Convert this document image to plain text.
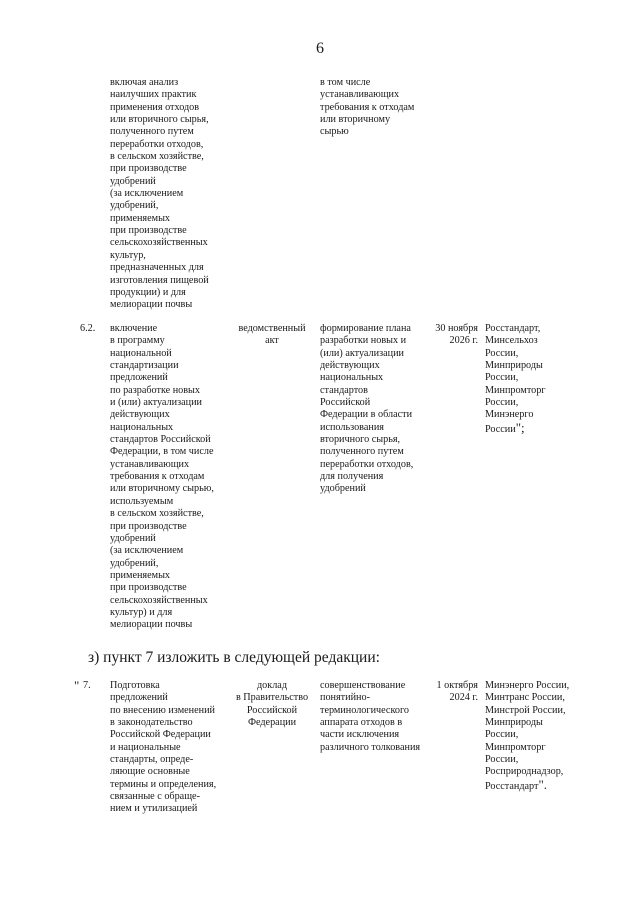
6
включая анализ
наилучших практик
применения отходов
или вторичного сырья,
полученного путем
переработки отходов,
в сельском хозяйстве,
при производстве
удобрений
(за исключением
удобрений,
применяемых
при производстве
сельскохозяйственных
культур,
предназначенных для
изготовления пищевой
продукции) и для
мелиорации почвы
в том числе
устанавливающих
требования к отходам
или вторичному
сырью
6.2.	включение
в программу
национальной
стандартизации
предложений
по разработке новых
и (или) актуализации
действующих
национальных
стандартов Российской
Федерации, в том числе
устанавливающих
требования к отходам
или вторичному сырью,
используемым
в сельском хозяйстве,
при производстве
удобрений
(за исключением
удобрений,
применяемых
при производстве
сельскохозяйственных
культур) и для
мелиорации почвы
ведомственный
акт
формирование плана
разработки новых и
(или) актуализации
действующих
национальных
стандартов
Российской
Федерации в области
использования
вторичного сырья,
полученного путем
переработки отходов,
для получения
удобрений
30 ноября
2026 г.
Росстандарт,
Минсельхоз
России,
Минприроды
России,
Минпромторг
России,
Минэнерго
России";
з) пункт 7 изложить в следующей редакции:
" 7.	Подготовка
предложений
по внесению изменений
в законодательство
Российской Федерации
и национальные
стандарты, опреде-
ляющие основные
термины и определения,
связанные с обраще-
нием и утилизацией
доклад
в Правительство
Российской
Федерации
совершенствование
понятийно-
терминологического
аппарата отходов в
части исключения
различного толкования
1 октября
2024 г.
Минэнерго России,
Минтранс России,
Минстрой России,
Минприроды
России,
Минпромторг
России,
Росприроднадзор,
Росстандарт".
